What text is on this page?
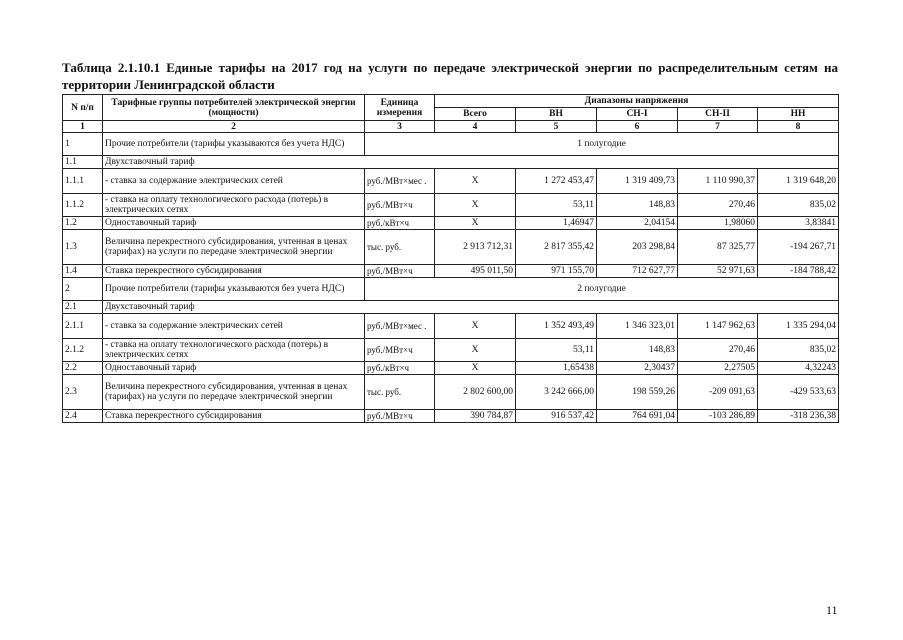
Таблица 2.1.10.1 Единые тарифы на 2017 год на услуги по передаче электрической энергии по распределительным сетям на территории Ленинградской области
N п/п	Тарифные группы потребителей электрической энергии (мощности)	Единица измерения	Диапазоны напряжения				
			Всего	ВН	СН-I	СН-II	НН
1	2	3	4	5	6	7	8
1	Прочие потребители (тарифы указываются без учета НДС)	1 полугодие					
1.1	Двухставочный тариф						
1.1.1	- ставка за содержание электрических сетей	руб./МВт×мес .	Х	1 272 453,47	1 319 409,73	1 110 990,37	1 319 648,20
1.1.2	- ставка на оплату технологического расхода (потерь) в электрических сетях	руб./МВт×ч	Х	53,11	148,83	270,46	835,02
1.2	Одноставочный тариф	руб./кВт×ч	Х	1,46947	2,04154	1,98060	3,83841
1.3	Величина перекрестного субсидирования, учтенная в ценах (тарифах) на услуги по передаче электрической энергии	тыс. руб.	2 913 712,31	2 817 355,42	203 298,84	87 325,77	-194 267,71
1.4	Ставка перекрестного субсидирования	руб./МВт×ч	495 011,50	971 155,70	712 627,77	52 971,63	-184 788,42
2	Прочие потребители (тарифы указываются без учета НДС)	2 полугодие					
2.1	Двухставочный тариф						
2.1.1	- ставка за содержание электрических сетей	руб./МВт×мес .	Х	1 352 493,49	1 346 323,01	1 147 962,63	1 335 294,04
2.1.2	- ставка на оплату технологического расхода (потерь) в электрических сетях	руб./МВт×ч	Х	53,11	148,83	270,46	835,02
2.2	Одноставочный тариф	руб./кВт×ч	Х	1,65438	2,30437	2,27505	4,32243
2.3	Величина перекрестного субсидирования, учтенная в ценах (тарифах) на услуги по передаче электрической энергии	тыс. руб.	2 802 600,00	3 242 666,00	198 559,26	-209 091,63	-429 533,63
2.4	Ставка перекрестного субсидирования	руб./МВт×ч	390 784,87	916 537,42	764 691,04	-103 286,89	-318 236,38
11
